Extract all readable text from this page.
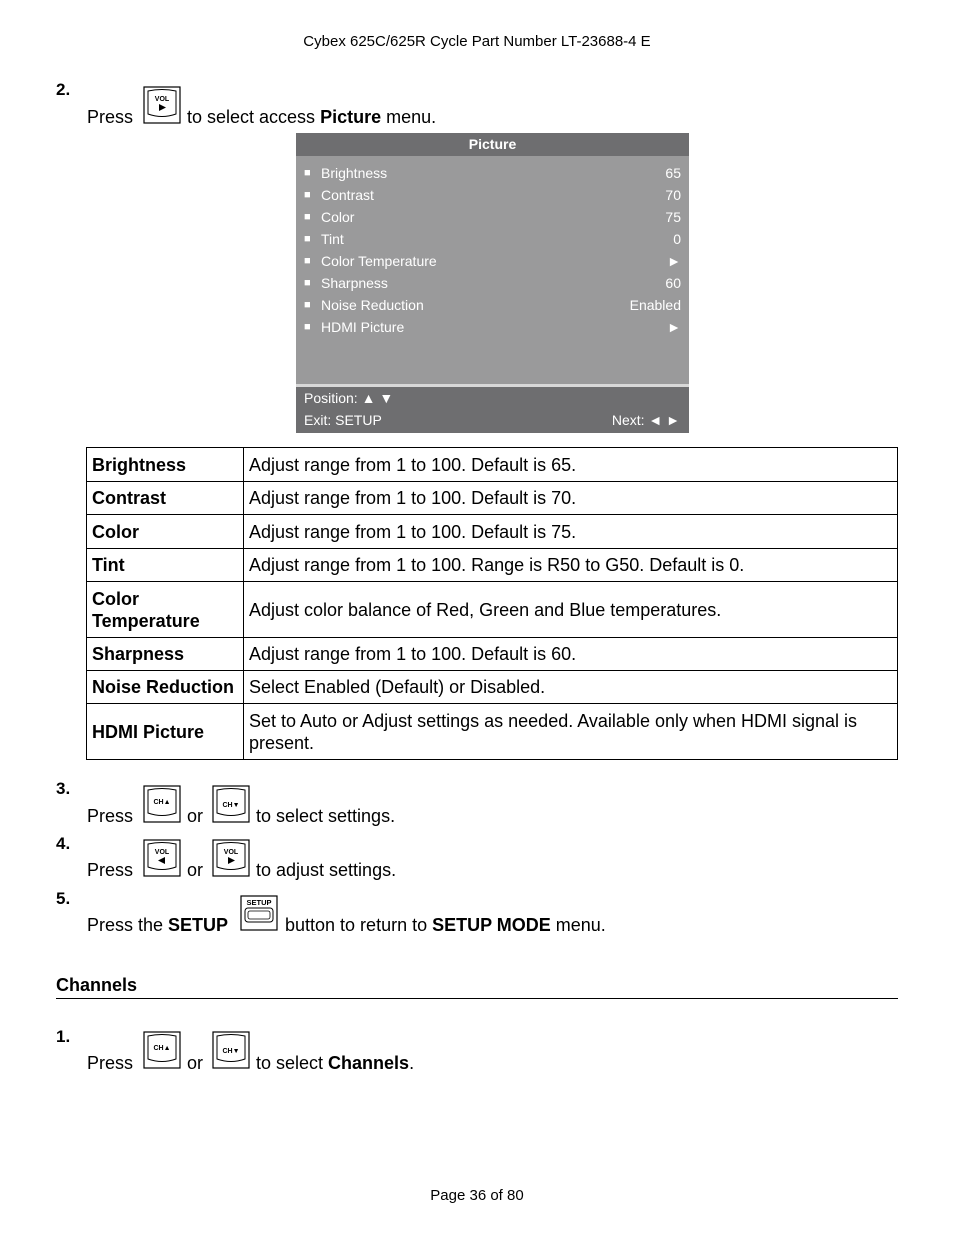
Cybex 625C/625R Cycle Part Number LT-23688-4 E
2.
Press
VOL
to select access Picture menu.
Picture
■ Brightness	65
■ Contrast	70
■ Color	75
■ Tint	0
■ Color Temperature	►
■ Sharpness	60
■ Noise Reduction	Enabled
■ HDMI Picture	►
Position: ▲ ▼
Exit: SETUP	Next: ◄ ►
Brightness	Adjust range from 1 to 100. Default is 65.
Contrast	Adjust range from 1 to 100. Default is 70.
Color	Adjust range from 1 to 100. Default is 75.
Tint	Adjust range from 1 to 100. Range is R50 to G50. Default is 0.
Color Temperature	Adjust color balance of Red, Green and Blue temperatures.
Sharpness	Adjust range from 1 to 100. Default is 60.
Noise Reduction	Select Enabled (Default) or Disabled.
HDMI Picture	Set to Auto or Adjust settings as needed. Available only when HDMI signal is present.
3.
Press
CH▲
or
CH▼
to select settings.
4.
Press
VOL
or
VOL
to adjust settings.
5.
Press the SETUP
SETUP
button to return to SETUP MODE menu.
Channels
1.
Press
CH▲
or
CH▼
to select Channels.
Page 36 of 80
